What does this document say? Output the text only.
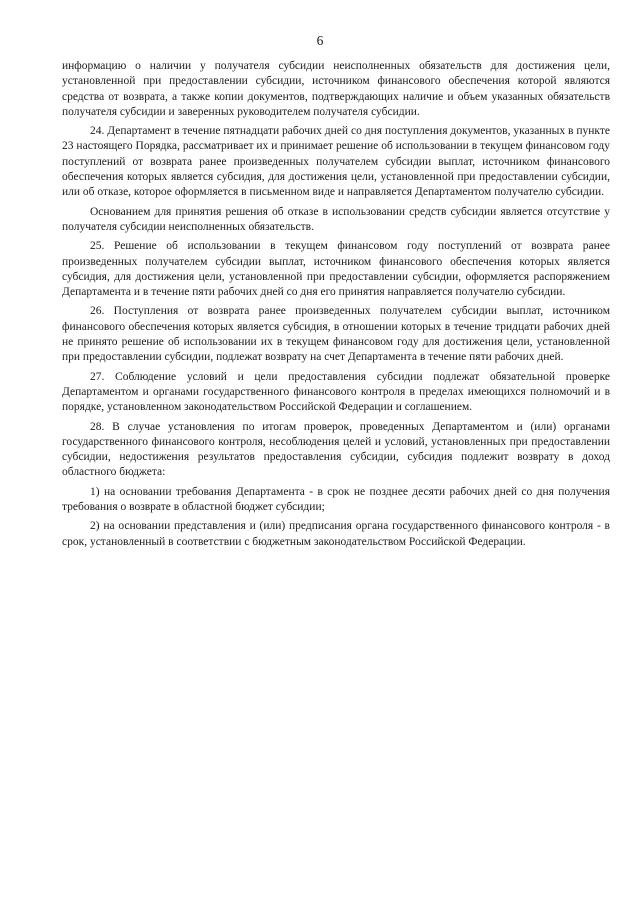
6

информацию о наличии у получателя субсидии неисполненных обязательств для достижения цели, установленной при предоставлении субсидии, источником финансового обеспечения которой являются средства от возврата, а также копии документов, подтверждающих наличие и объем указанных обязательств получателя субсидии и заверенных руководителем получателя субсидии.

24. Департамент в течение пятнадцати рабочих дней со дня поступления документов, указанных в пункте 23 настоящего Порядка, рассматривает их и принимает решение об использовании в текущем финансовом году поступлений от возврата ранее произведенных получателем субсидии выплат, источником финансового обеспечения которых является субсидия, для достижения цели, установленной при предоставлении субсидии, или об отказе, которое оформляется в письменном виде и направляется Департаментом получателю субсидии.

Основанием для принятия решения об отказе в использовании средств субсидии является отсутствие у получателя субсидии неисполненных обязательств.

25. Решение об использовании в текущем финансовом году поступлений от возврата ранее произведенных получателем субсидии выплат, источником финансового обеспечения которых является субсидия, для достижения цели, установленной при предоставлении субсидии, оформляется распоряжением Департамента и в течение пяти рабочих дней со дня его принятия направляется получателю субсидии.

26. Поступления от возврата ранее произведенных получателем субсидии выплат, источником финансового обеспечения которых является субсидия, в отношении которых в течение тридцати рабочих дней не принято решение об использовании их в текущем финансовом году для достижения цели, установленной при предоставлении субсидии, подлежат возврату на счет Департамента в течение пяти рабочих дней.

27. Соблюдение условий и цели предоставления субсидии подлежат обязательной проверке Департаментом и органами государственного финансового контроля в пределах имеющихся полномочий и в порядке, установленном законодательством Российской Федерации и соглашением.

28. В случае установления по итогам проверок, проведенных Департаментом и (или) органами государственного финансового контроля, несоблюдения целей и условий, установленных при предоставлении субсидии, недостижения результатов предоставления субсидии, субсидия подлежит возврату в доход областного бюджета:

1) на основании требования Департамента - в срок не позднее десяти рабочих дней со дня получения требования о возврате в областной бюджет субсидии;

2) на основании представления и (или) предписания органа государственного финансового контроля - в срок, установленный в соответствии с бюджетным законодательством Российской Федерации.
